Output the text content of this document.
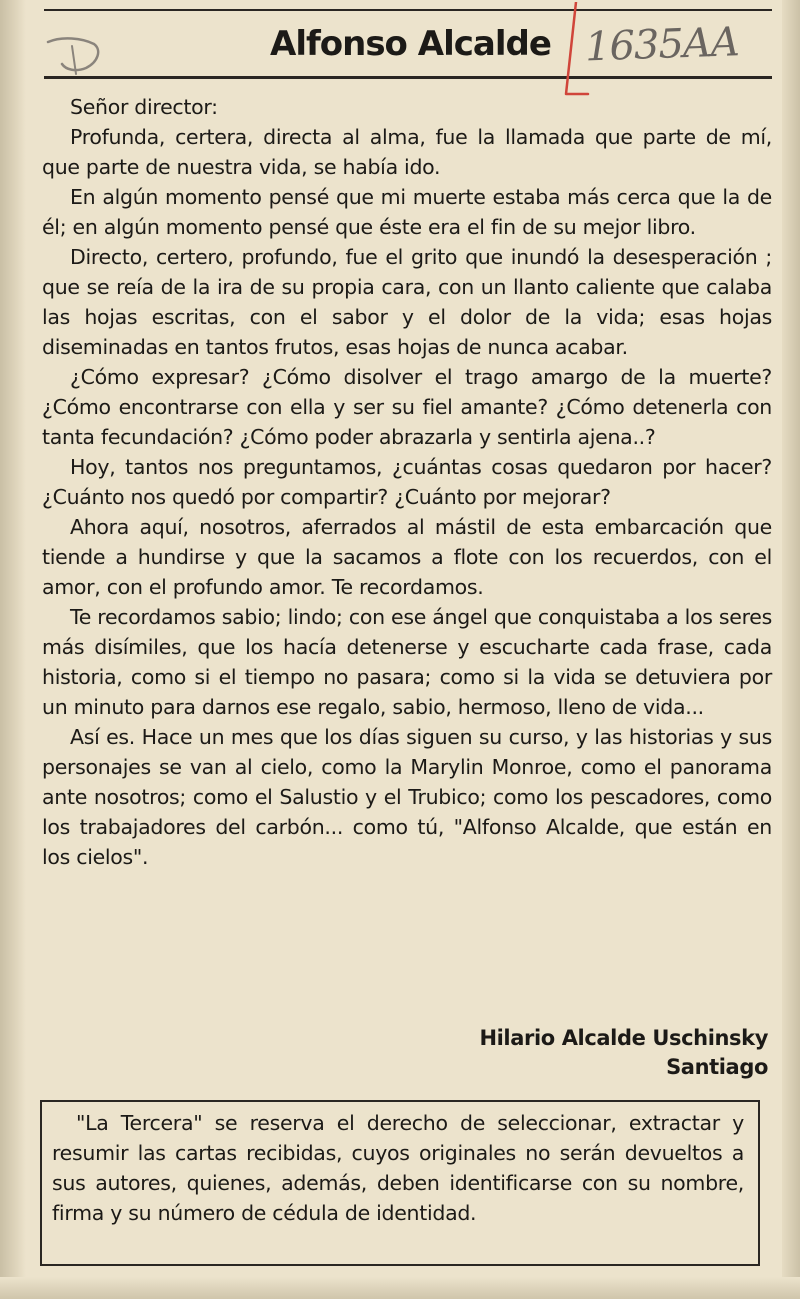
Alfonso Alcalde 1635AA

Señor director:

Profunda, certera, directa al alma, fue la llamada que parte de mí, que parte de nuestra vida, se había ido.

En algún momento pensé que mi muerte estaba más cerca que la de él; en algún momento pensé que éste era el fin de su mejor libro.

Directo, certero, profundo, fue el grito que inundó la desesperación ; que se reía de la ira de su propia cara, con un llanto caliente que calaba las hojas escritas, con el sabor y el dolor de la vida; esas hojas diseminadas en tantos frutos, esas hojas de nunca acabar.

¿Cómo expresar? ¿Cómo disolver el trago amargo de la muerte? ¿Cómo encontrarse con ella y ser su fiel amante? ¿Cómo detenerla con tanta fecundación? ¿Cómo poder abrazarla y sentirla ajena..?

Hoy, tantos nos preguntamos, ¿cuántas cosas quedaron por hacer? ¿Cuánto nos quedó por compartir? ¿Cuánto por mejorar?

Ahora aquí, nosotros, aferrados al mástil de esta embarcación que tiende a hundirse y que la sacamos a flote con los recuerdos, con el amor, con el profundo amor. Te recordamos.

Te recordamos sabio; lindo; con ese ángel que conquistaba a los seres más disímiles, que los hacía detenerse y escucharte cada frase, cada historia, como si el tiempo no pasara; como si la vida se detuviera por un minuto para darnos ese regalo, sabio, hermoso, lleno de vida...

Así es. Hace un mes que los días siguen su curso, y las historias y sus personajes se van al cielo, como la Marylin Monroe, como el panorama ante nosotros; como el Salustio y el Trubico; como los pescadores, como los trabajadores del carbón... como tú, "Alfonso Alcalde, que están en los cielos".

Hilario Alcalde Uschinsky
Santiago

"La Tercera" se reserva el derecho de seleccionar, extractar y resumir las cartas recibidas, cuyos originales no serán devueltos a sus autores, quienes, además, deben identificarse con su nombre, firma y su número de cédula de identidad.
